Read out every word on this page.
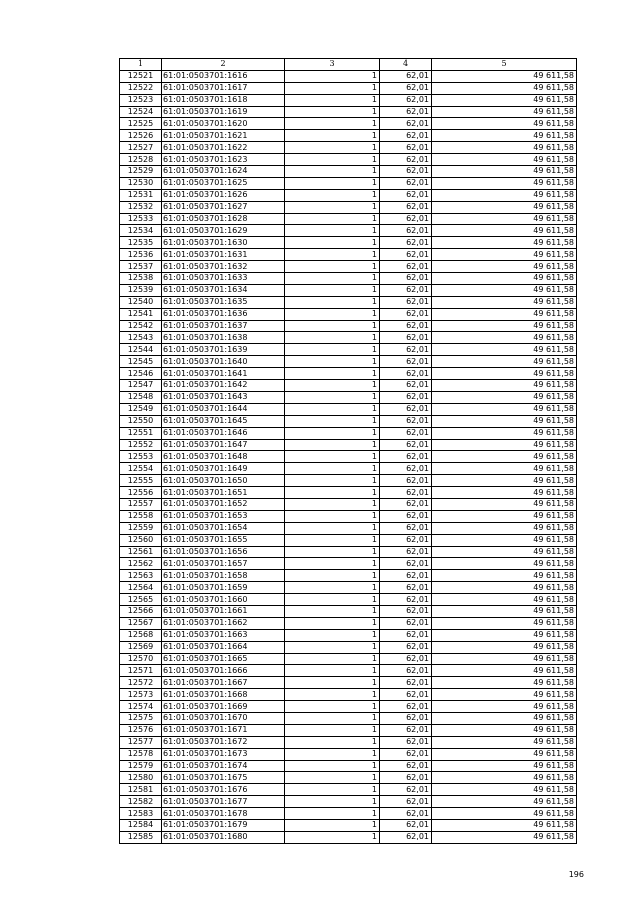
1	2	3	4	5
12521	61:01:0503701:1616	1	62,01	49 611,58
12522	61:01:0503701:1617	1	62,01	49 611,58
12523	61:01:0503701:1618	1	62,01	49 611,58
12524	61:01:0503701:1619	1	62,01	49 611,58
12525	61:01:0503701:1620	1	62,01	49 611,58
12526	61:01:0503701:1621	1	62,01	49 611,58
12527	61:01:0503701:1622	1	62,01	49 611,58
12528	61:01:0503701:1623	1	62,01	49 611,58
12529	61:01:0503701:1624	1	62,01	49 611,58
12530	61:01:0503701:1625	1	62,01	49 611,58
12531	61:01:0503701:1626	1	62,01	49 611,58
12532	61:01:0503701:1627	1	62,01	49 611,58
12533	61:01:0503701:1628	1	62,01	49 611,58
12534	61:01:0503701:1629	1	62,01	49 611,58
12535	61:01:0503701:1630	1	62,01	49 611,58
12536	61:01:0503701:1631	1	62,01	49 611,58
12537	61:01:0503701:1632	1	62,01	49 611,58
12538	61:01:0503701:1633	1	62,01	49 611,58
12539	61:01:0503701:1634	1	62,01	49 611,58
12540	61:01:0503701:1635	1	62,01	49 611,58
12541	61:01:0503701:1636	1	62,01	49 611,58
12542	61:01:0503701:1637	1	62,01	49 611,58
12543	61:01:0503701:1638	1	62,01	49 611,58
12544	61:01:0503701:1639	1	62,01	49 611,58
12545	61:01:0503701:1640	1	62,01	49 611,58
12546	61:01:0503701:1641	1	62,01	49 611,58
12547	61:01:0503701:1642	1	62,01	49 611,58
12548	61:01:0503701:1643	1	62,01	49 611,58
12549	61:01:0503701:1644	1	62,01	49 611,58
12550	61:01:0503701:1645	1	62,01	49 611,58
12551	61:01:0503701:1646	1	62,01	49 611,58
12552	61:01:0503701:1647	1	62,01	49 611,58
12553	61:01:0503701:1648	1	62,01	49 611,58
12554	61:01:0503701:1649	1	62,01	49 611,58
12555	61:01:0503701:1650	1	62,01	49 611,58
12556	61:01:0503701:1651	1	62,01	49 611,58
12557	61:01:0503701:1652	1	62,01	49 611,58
12558	61:01:0503701:1653	1	62,01	49 611,58
12559	61:01:0503701:1654	1	62,01	49 611,58
12560	61:01:0503701:1655	1	62,01	49 611,58
12561	61:01:0503701:1656	1	62,01	49 611,58
12562	61:01:0503701:1657	1	62,01	49 611,58
12563	61:01:0503701:1658	1	62,01	49 611,58
12564	61:01:0503701:1659	1	62,01	49 611,58
12565	61:01:0503701:1660	1	62,01	49 611,58
12566	61:01:0503701:1661	1	62,01	49 611,58
12567	61:01:0503701:1662	1	62,01	49 611,58
12568	61:01:0503701:1663	1	62,01	49 611,58
12569	61:01:0503701:1664	1	62,01	49 611,58
12570	61:01:0503701:1665	1	62,01	49 611,58
12571	61:01:0503701:1666	1	62,01	49 611,58
12572	61:01:0503701:1667	1	62,01	49 611,58
12573	61:01:0503701:1668	1	62,01	49 611,58
12574	61:01:0503701:1669	1	62,01	49 611,58
12575	61:01:0503701:1670	1	62,01	49 611,58
12576	61:01:0503701:1671	1	62,01	49 611,58
12577	61:01:0503701:1672	1	62,01	49 611,58
12578	61:01:0503701:1673	1	62,01	49 611,58
12579	61:01:0503701:1674	1	62,01	49 611,58
12580	61:01:0503701:1675	1	62,01	49 611,58
12581	61:01:0503701:1676	1	62,01	49 611,58
12582	61:01:0503701:1677	1	62,01	49 611,58
12583	61:01:0503701:1678	1	62,01	49 611,58
12584	61:01:0503701:1679	1	62,01	49 611,58
12585	61:01:0503701:1680	1	62,01	49 611,58
196
